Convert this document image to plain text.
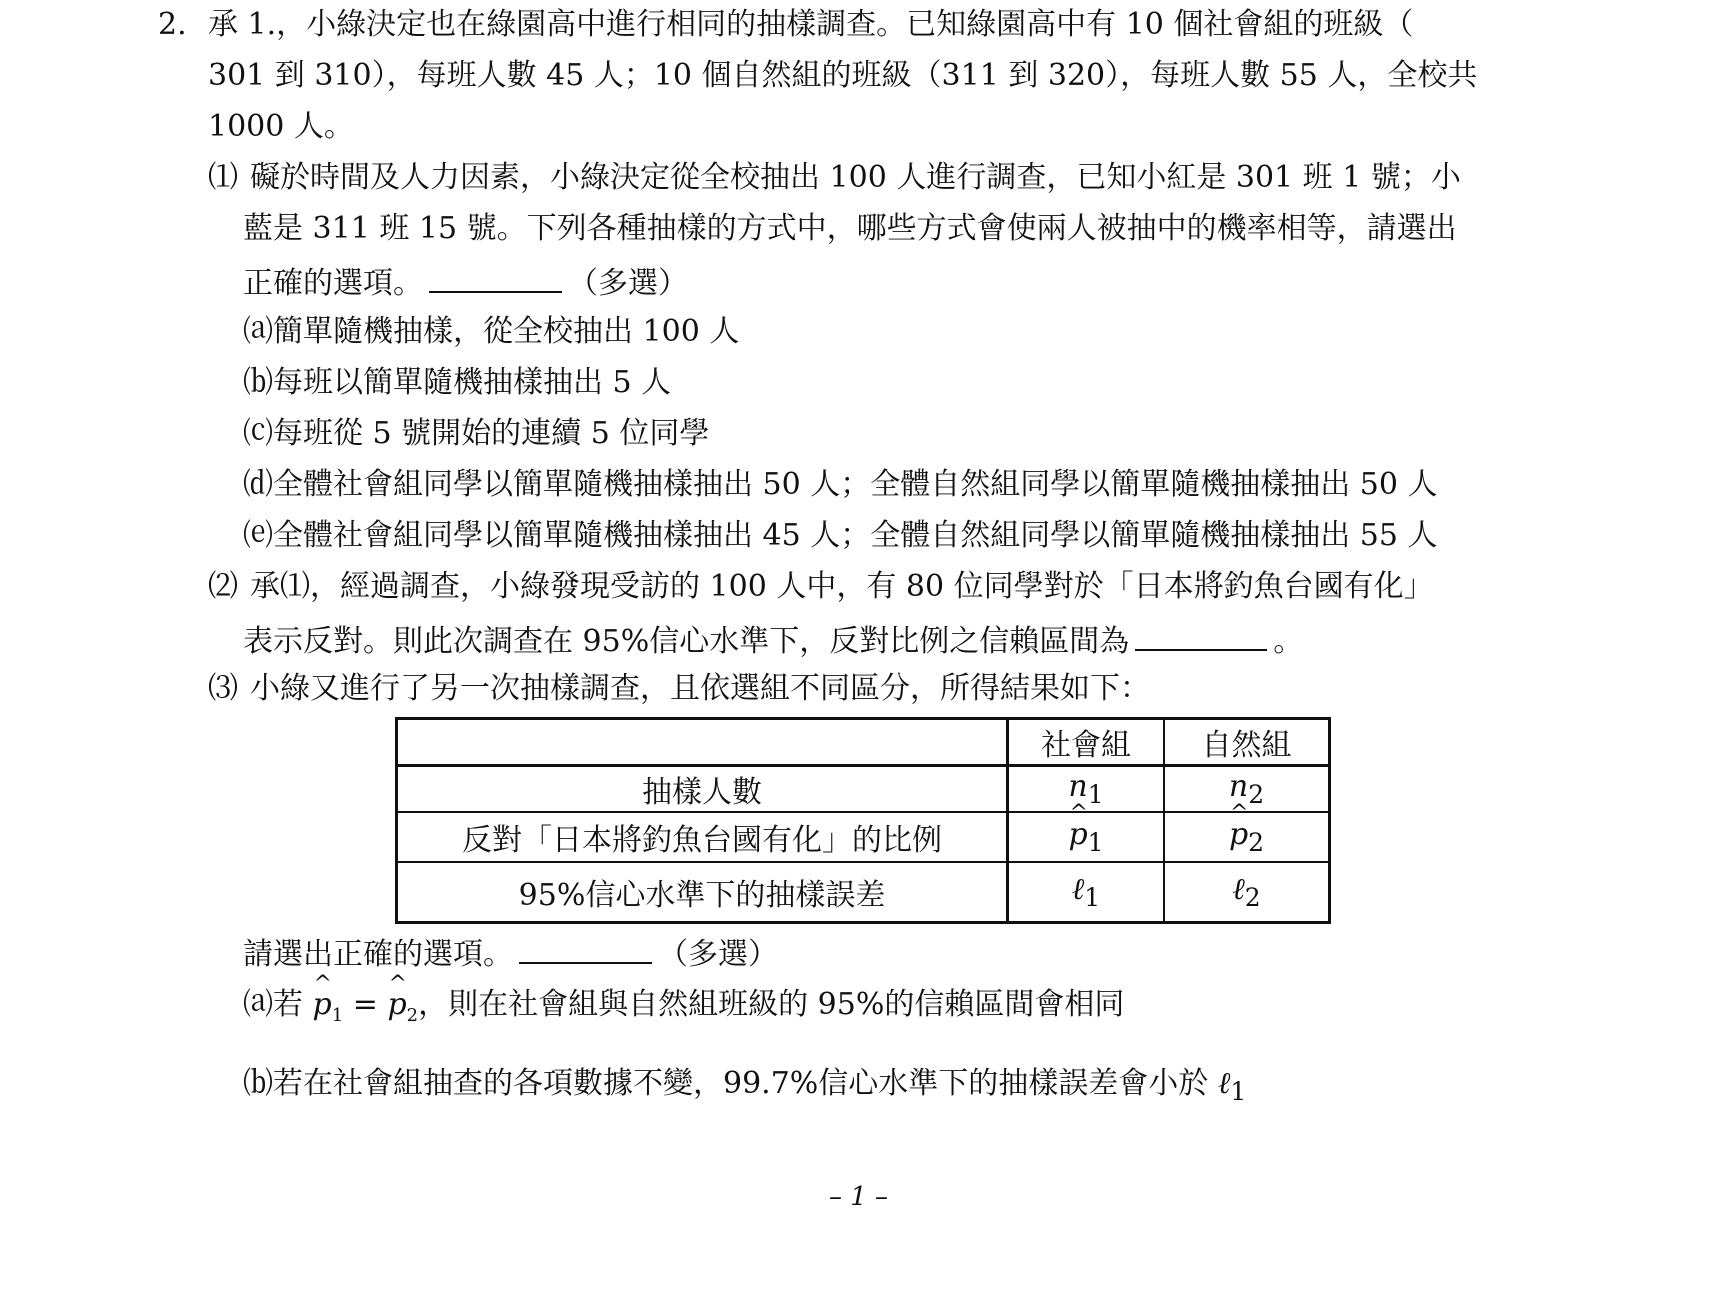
2. 承 1.，小綠決定也在綠園高中進行相同的抽樣調查。已知綠園高中有 10 個社會組的班級（
301 到 310），每班人數 45 人；10 個自然組的班級（311 到 320），每班人數 55 人，全校共
1000 人。
⑴ 礙於時間及人力因素，小綠決定從全校抽出 100 人進行調查，已知小紅是 301 班 1 號；小
藍是 311 班 15 號。下列各種抽樣的方式中，哪些方式會使兩人被抽中的機率相等，請選出
正確的選項。	（多選）
⒜簡單隨機抽樣，從全校抽出 100 人
⒝每班以簡單隨機抽樣抽出 5 人
⒞每班從 5 號開始的連續 5 位同學
⒟全體社會組同學以簡單隨機抽樣抽出 50 人；全體自然組同學以簡單隨機抽樣抽出 50 人
⒠全體社會組同學以簡單隨機抽樣抽出 45 人；全體自然組同學以簡單隨機抽樣抽出 55 人
⑵ 承⑴，經過調查，小綠發現受訪的 100 人中，有 80 位同學對於「日本將釣魚台國有化」
表示反對。則此次調查在 95%信心水準下，反對比例之信賴區間為	。
⑶ 小綠又進行了另一次抽樣調查，且依選組不同區分，所得結果如下：
	社會組	自然組
抽樣人數	$n_1$	$n_2$
反對「日本將釣魚台國有化」的比例	^ $p_1$	^ $p_2$
95%信心水準下的抽樣誤差	ℓ$_1$	ℓ$_2$
請選出正確的選項。	（多選）
⒜若 ^ $p_1$ = ^ $p_2$，則在社會組與自然組班級的 95%的信賴區間會相同
⒝若在社會組抽查的各項數據不變，99.7%信心水準下的抽樣誤差會小於 ℓ$_1$
– 1 –
